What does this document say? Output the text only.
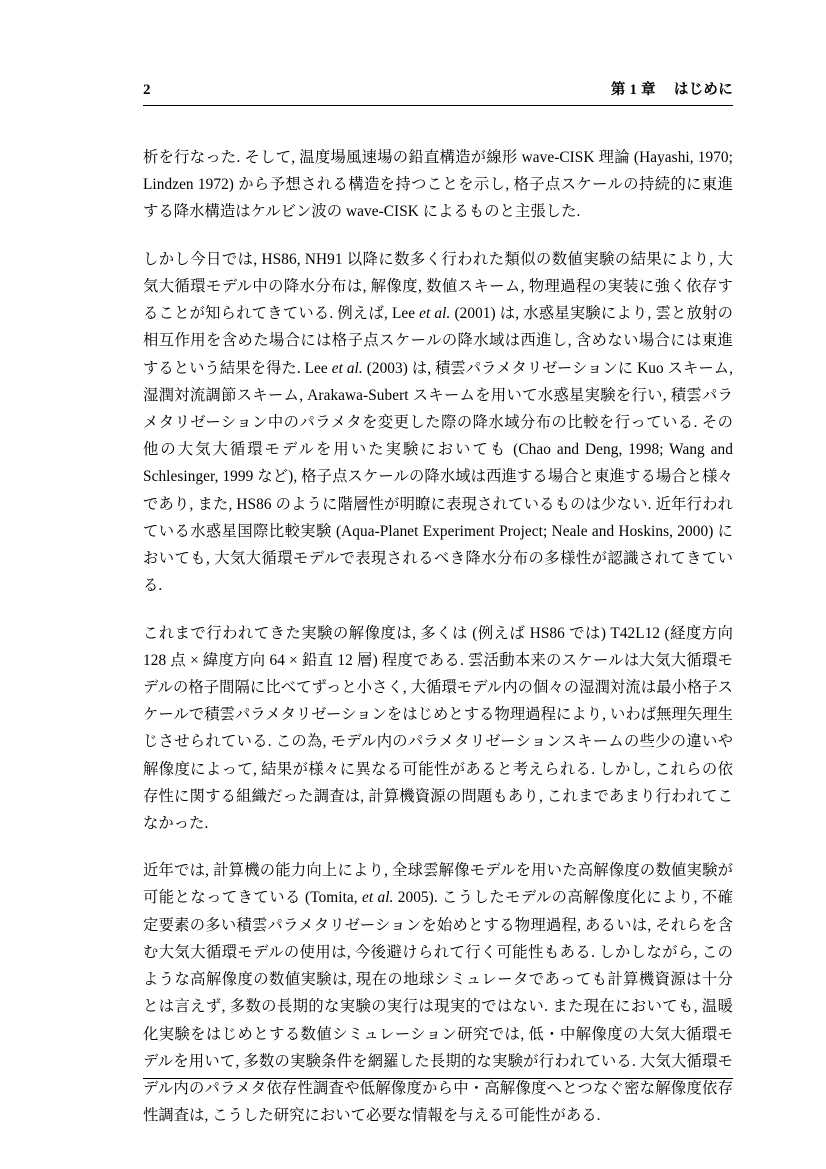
2	第 1 章 はじめに

析を行なった. そして, 温度場風速場の鉛直構造が線形 wave-CISK 理論 (Hayashi, 1970; Lindzen 1972) から予想される構造を持つことを示し, 格子点スケールの持続的に東進する降水構造はケルビン波の wave-CISK によるものと主張した.

しかし今日では, HS86, NH91 以降に数多く行われた類似の数値実験の結果により, 大気大循環モデル中の降水分布は, 解像度, 数値スキーム, 物理過程の実装に強く依存することが知られてきている. 例えば, Lee et al. (2001) は, 水惑星実験により, 雲と放射の相互作用を含めた場合には格子点スケールの降水域は西進し, 含めない場合には東進するという結果を得た. Lee et al. (2003) は, 積雲パラメタリゼーションに Kuo スキーム, 湿潤対流調節スキーム, Arakawa-Subert スキームを用いて水惑星実験を行い, 積雲パラメタリゼーション中のパラメタを変更した際の降水域分布の比較を行っている. その他の大気大循環モデルを用いた実験においても (Chao and Deng, 1998; Wang and Schlesinger, 1999 など), 格子点スケールの降水域は西進する場合と東進する場合と様々であり, また, HS86 のように階層性が明瞭に表現されているものは少ない. 近年行われている水惑星国際比較実験 (Aqua-Planet Experiment Project; Neale and Hoskins, 2000) においても, 大気大循環モデルで表現されるべき降水分布の多様性が認識されてきている.

これまで行われてきた実験の解像度は, 多くは (例えば HS86 では) T42L12 (経度方向 128 点 × 緯度方向 64 × 鉛直 12 層) 程度である. 雲活動本来のスケールは大気大循環モデルの格子間隔に比べてずっと小さく, 大循環モデル内の個々の湿潤対流は最小格子スケールで積雲パラメタリゼーションをはじめとする物理過程により, いわば無理矢理生じさせられている. この為, モデル内のパラメタリゼーションスキームの些少の違いや解像度によって, 結果が様々に異なる可能性があると考えられる. しかし, これらの依存性に関する組織だった調査は, 計算機資源の問題もあり, これまであまり行われてこなかった.

近年では, 計算機の能力向上により, 全球雲解像モデルを用いた高解像度の数値実験が可能となってきている (Tomita, et al. 2005). こうしたモデルの高解像度化により, 不確定要素の多い積雲パラメタリゼーションを始めとする物理過程, あるいは, それらを含む大気大循環モデルの使用は, 今後避けられて行く可能性もある. しかしながら, このような高解像度の数値実験は, 現在の地球シミュレータであっても計算機資源は十分とは言えず, 多数の長期的な実験の実行は現実的ではない. また現在においても, 温暖化実験をはじめとする数値シミュレーション研究では, 低・中解像度の大気大循環モデルを用いて, 多数の実験条件を網羅した長期的な実験が行われている. 大気大循環モデル内のパラメタ依存性調査や低解像度から中・高解像度へとつなぐ密な解像度依存性調査は, こうした研究において必要な情報を与える可能性がある.
